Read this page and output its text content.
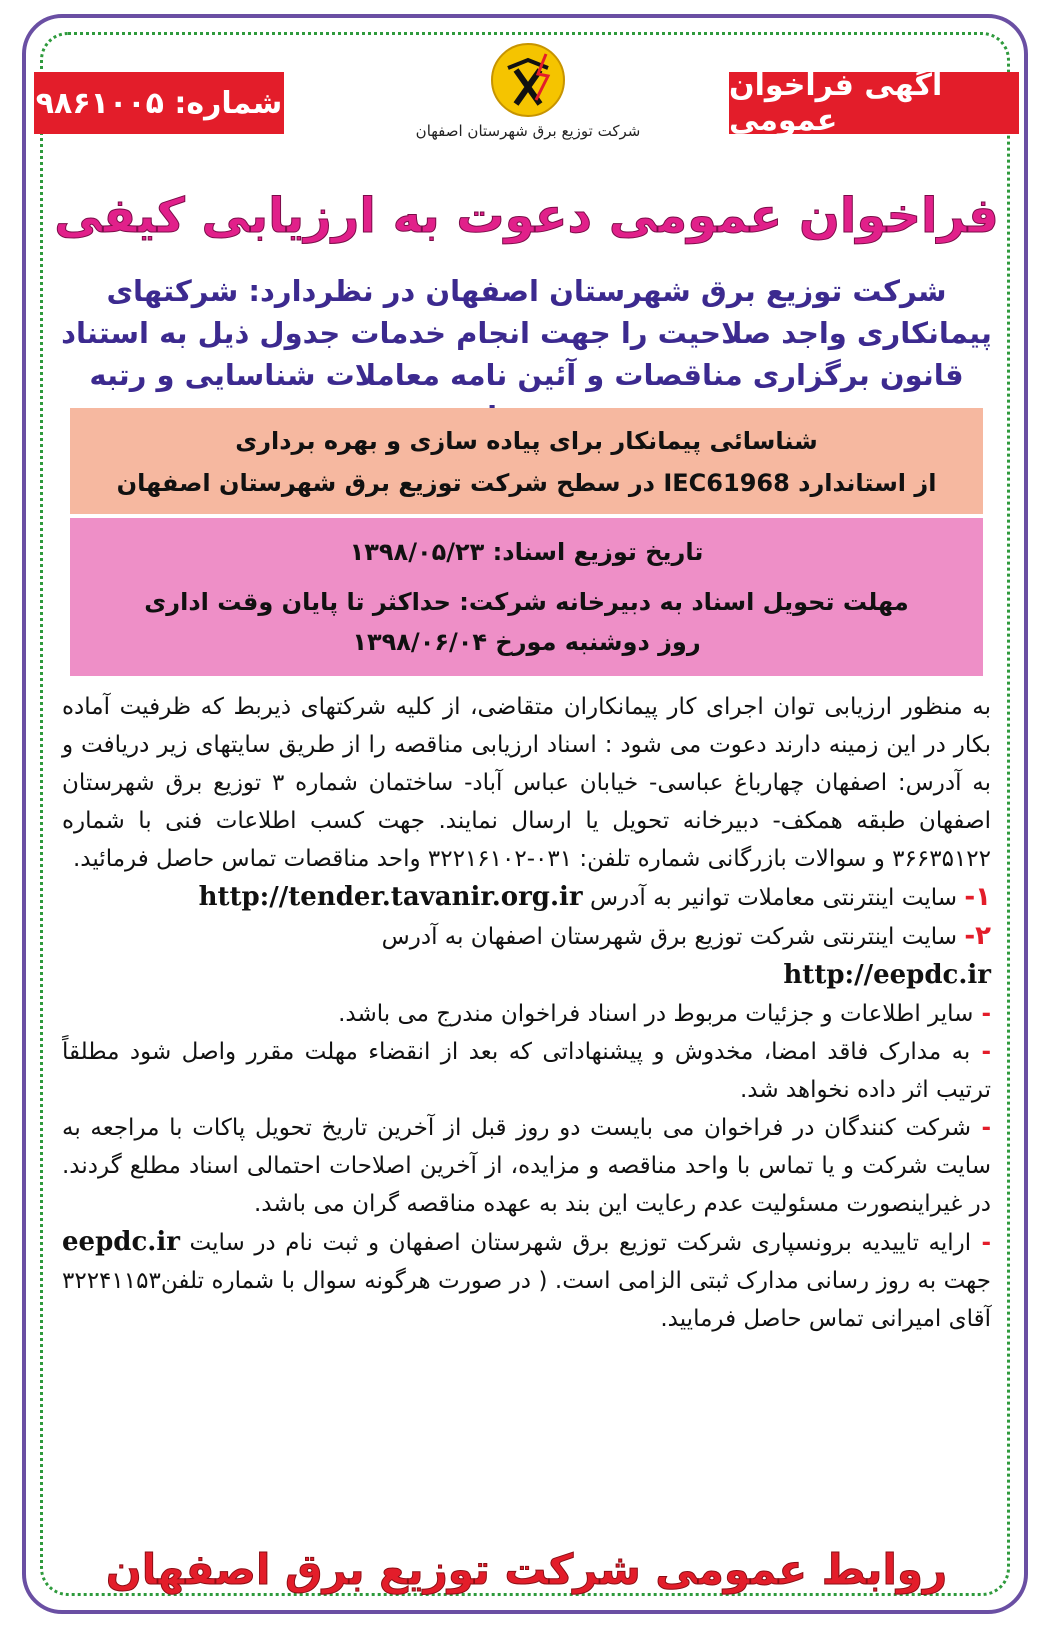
آگهی فراخوان عمومی
شماره: ۹۸۶۱۰۰۵
شرکت توزیع برق شهرستان اصفهان
فراخوان عمومی دعوت به ارزیابی کیفی
شرکت توزیع برق شهرستان اصفهان در نظردارد: شرکتهای پیمانکاری واجد صلاحیت را جهت انجام خدمات جدول ذیل به استناد قانون برگزاری مناقصات و آئین نامه معاملات شناسایی و رتبه
شناسائی پیمانکار برای پیاده سازی و بهره برداری
از استاندارد IEC61968 در سطح شرکت توزیع برق شهرستان اصفهان
تاریخ توزیع اسناد: ۱۳۹۸/۰۵/۲۳
مهلت تحویل اسناد به دبیرخانه شرکت: حداکثر تا پایان وقت اداری
روز دوشنبه مورخ ۱۳۹۸/۰۶/۰۴

به منظور ارزیابی توان اجرای کار پیمانکاران متقاضی، از کلیه شرکتهای ذیربط که ظرفیت آماده بکار در این زمینه دارند دعوت می شود : اسناد ارزیابی مناقصه را از طریق سایتهای زیر دریافت و به آدرس: اصفهان چهارباغ عباسی- خیابان عباس آباد- ساختمان شماره ۳ توزیع برق شهرستان اصفهان طبقه همکف- دبیرخانه تحویل یا ارسال نمایند. جهت کسب اطلاعات فنی با شماره ۳۶۶۳۵۱۲۲ و سوالات بازرگانی شماره تلفن: ۰۳۱-۳۲۲۱۶۱۰۲ واحد مناقصات تماس حاصل فرمائید.

۱- سایت اینترنتی معاملات توانیر به آدرس http://tender.tavanir.org.ir

۲- سایت اینترنتی شرکت توزیع برق شهرستان اصفهان به آدرس

http://eepdc.ir

- سایر اطلاعات و جزئیات مربوط در اسناد فراخوان مندرج می باشد.

- به مدارک فاقد امضا، مخدوش و پیشنهاداتی که بعد از انقضاء مهلت مقرر واصل شود مطلقاً ترتیب اثر داده نخواهد شد.

- شرکت کنندگان در فراخوان می بایست دو روز قبل از آخرین تاریخ تحویل پاکات با مراجعه به سایت شرکت و یا تماس با واحد مناقصه و مزایده، از آخرین اصلاحات احتمالی اسناد مطلع گردند. در غیراینصورت مسئولیت عدم رعایت این بند به عهده مناقصه گران می باشد.

- ارایه تاییدیه برونسپاری شرکت توزیع برق شهرستان اصفهان و ثبت نام در سایت eepdc.ir جهت به روز رسانی مدارک ثبتی الزامی است. ( در صورت هرگونه سوال با شماره تلفن۳۲۲۴۱۱۵۳ آقای امیرانی تماس حاصل فرمایید.

روابط عمومی شرکت توزیع برق اصفهان
